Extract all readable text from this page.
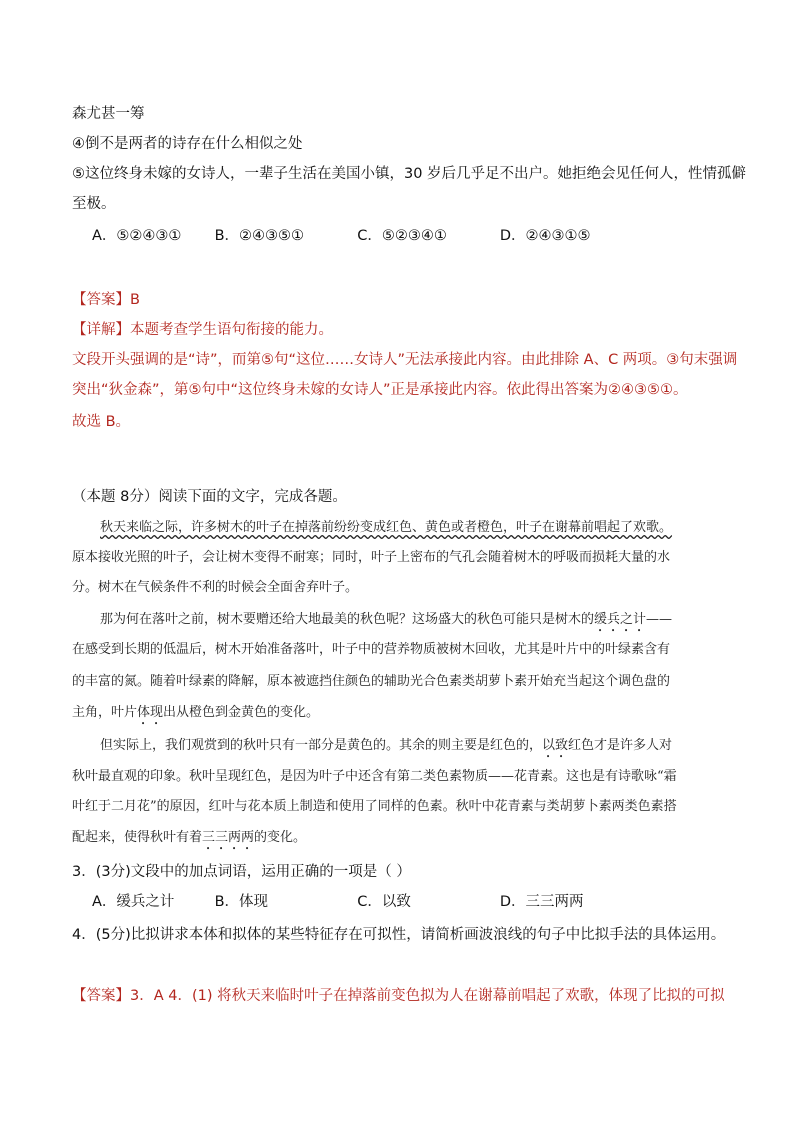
森尤甚一筹
④倒不是两者的诗存在什么相似之处
⑤这位终身未嫁的女诗人，一辈子生活在美国小镇，30 岁后几乎足不出户。她拒绝会见任何人，性情孤僻
至极。
A．⑤②④③① B．②④③⑤①	C．⑤②③④①	D．②④③①⑤
【答案】B
【详解】本题考查学生语句衔接的能力。
文段开头强调的是“诗”，而第⑤句“这位……女诗人”无法承接此内容。由此排除 A、C 两项。③句末强调
突出“狄金森”，第⑤句中“这位终身未嫁的女诗人”正是承接此内容。依此得出答案为②④③⑤①。
故选 B。
（本题 8分）阅读下面的文字，完成各题。
秋天来临之际，许多树木的叶子在掉落前纷纷变成红色、黄色或者橙色，叶子在谢幕前唱起了欢歌。
原本接收光照的叶子，会让树木变得不耐寒；同时，叶子上密布的气孔会随着树木的呼吸而损耗大量的水
分。树木在气候条件不利的时候会全面舍弃叶子。
那为何在落叶之前，树木要赠还给大地最美的秋色呢？这场盛大的秋色可能只是树木的缓兵之计——
在感受到长期的低温后，树木开始准备落叶，叶子中的营养物质被树木回收，尤其是叶片中的叶绿素含有
的丰富的氮。随着叶绿素的降解，原本被遮挡住颜色的辅助光合色素类胡萝卜素开始充当起这个调色盘的
主角，叶片体现出从橙色到金黄色的变化。
但实际上，我们观赏到的秋叶只有一部分是黄色的。其余的则主要是红色的，以致红色才是许多人对
秋叶最直观的印象。秋叶呈现红色，是因为叶子中还含有第二类色素物质——花青素。这也是有诗歌咏“霜
叶红于二月花”的原因，红叶与花本质上制造和使用了同样的色素。秋叶中花青素与类胡萝卜素两类色素搭
配起来，使得秋叶有着三三两两的变化。
3．(3分)文段中的加点词语，运用正确的一项是（ ）
A．缓兵之计	B．体现	C．以致	D．三三两两
4．(5分)比拟讲求本体和拟体的某些特征存在可拟性，请简析画波浪线的句子中比拟手法的具体运用。
【答案】3．A 4．(1) 将秋天来临时叶子在掉落前变色拟为人在谢幕前唱起了欢歌，体现了比拟的可拟
